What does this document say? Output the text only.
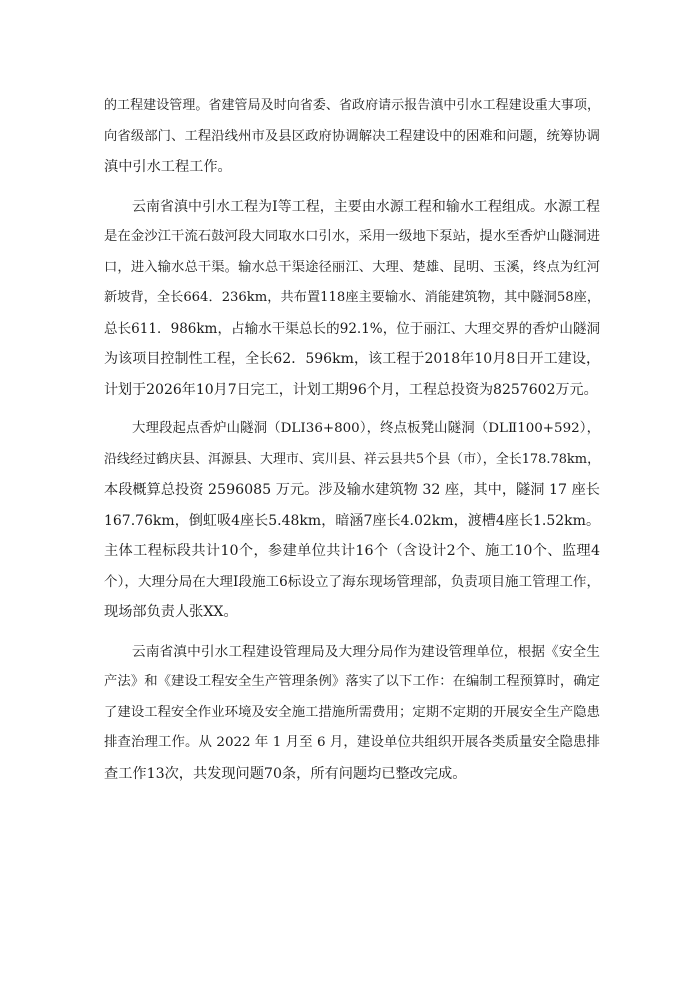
的工程建设管理。省建管局及时向省委、省政府请示报告滇中引水工程建设重大事项，
向省级部门、工程沿线州市及县区政府协调解决工程建设中的困难和问题，统筹协调
滇中引水工程工作。
云南省滇中引水工程为Ⅰ等工程，主要由水源工程和输水工程组成。水源工程
是在金沙江干流石鼓河段大同取水口引水，采用一级地下泵站，提水至香炉山隧洞进
口，进入输水总干渠。输水总干渠途径丽江、大理、楚雄、昆明、玉溪，终点为红河
新坡背，全长664．236km，共布置118座主要输水、消能建筑物，其中隧洞58座，
总长611．986km，占输水干渠总长的92.1%，位于丽江、大理交界的香炉山隧洞
为该项目控制性工程，全长62．596km，该工程于2018年10月8日开工建设，
计划于2026年10月7日完工，计划工期96个月，工程总投资为8257602万元。
大理段起点香炉山隧洞（DLⅠ36+800），终点板凳山隧洞（DLⅡ100+592），
沿线经过鹤庆县、洱源县、大理市、宾川县、祥云县共5个县（市），全长178.78km，
本段概算总投资 2596085 万元。涉及输水建筑物 32 座，其中，隧洞 17 座长
167.76km，倒虹吸4座长5.48km，暗涵7座长4.02km，渡槽4座长1.52km。
主体工程标段共计10个，参建单位共计16个（含设计2个、施工10个、监理4
个），大理分局在大理Ⅰ段施工6标设立了海东现场管理部，负责项目施工管理工作，
现场部负责人张XX。
云南省滇中引水工程建设管理局及大理分局作为建设管理单位，根据《安全生
产法》和《建设工程安全生产管理条例》落实了以下工作：在编制工程预算时，确定
了建设工程安全作业环境及安全施工措施所需费用；定期不定期的开展安全生产隐患
排查治理工作。从 2022 年 1 月至 6 月，建设单位共组织开展各类质量安全隐患排
查工作13次，共发现问题70条，所有问题均已整改完成。
